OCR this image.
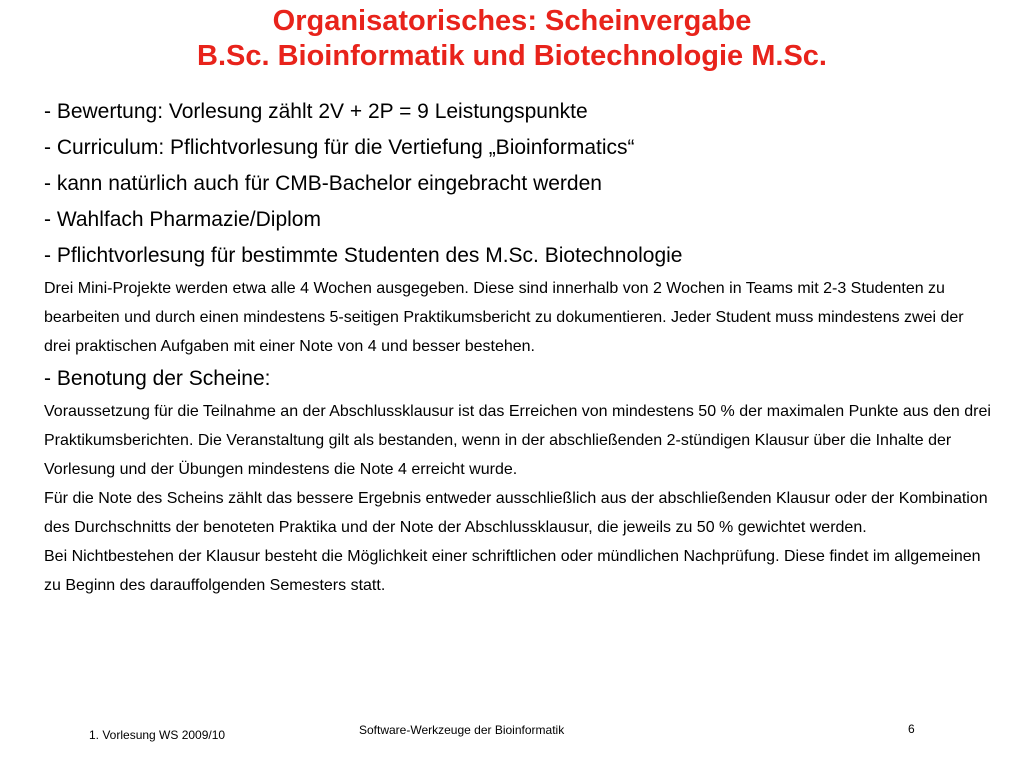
Organisatorisches: Scheinvergabe
B.Sc. Bioinformatik und Biotechnologie M.Sc.
- Bewertung: Vorlesung zählt 2V + 2P = 9 Leistungspunkte
- Curriculum: Pflichtvorlesung für die Vertiefung „Bioinformatics“
- kann natürlich auch für CMB-Bachelor eingebracht werden
- Wahlfach Pharmazie/Diplom
- Pflichtvorlesung für bestimmte Studenten des M.Sc. Biotechnologie
Drei Mini-Projekte werden etwa alle 4 Wochen ausgegeben. Diese sind innerhalb von 2 Wochen in Teams mit 2-3 Studenten zu bearbeiten und durch einen mindestens 5-seitigen Praktikumsbericht zu dokumentieren. Jeder Student muss mindestens zwei der drei praktischen Aufgaben mit einer Note von 4 und besser bestehen.
- Benotung der Scheine:
Voraussetzung für die Teilnahme an der Abschlussklausur ist das Erreichen von mindestens 50 % der maximalen Punkte aus den drei Praktikumsberichten. Die Veranstaltung gilt als bestanden, wenn in der abschließenden 2-stündigen Klausur über die Inhalte der Vorlesung und der Übungen mindestens die Note 4 erreicht wurde.
Für die Note des Scheins zählt das bessere Ergebnis entweder ausschließlich aus der abschließenden Klausur oder der Kombination des Durchschnitts der benoteten Praktika und der Note der Abschlussklausur, die jeweils zu 50 % gewichtet werden.
Bei Nichtbestehen der Klausur besteht die Möglichkeit einer schriftlichen oder mündlichen Nachprüfung. Diese findet im allgemeinen zu Beginn des darauffolgenden Semesters statt.
1. Vorlesung WS 2009/10	Software-Werkzeuge der Bioinformatik	6
